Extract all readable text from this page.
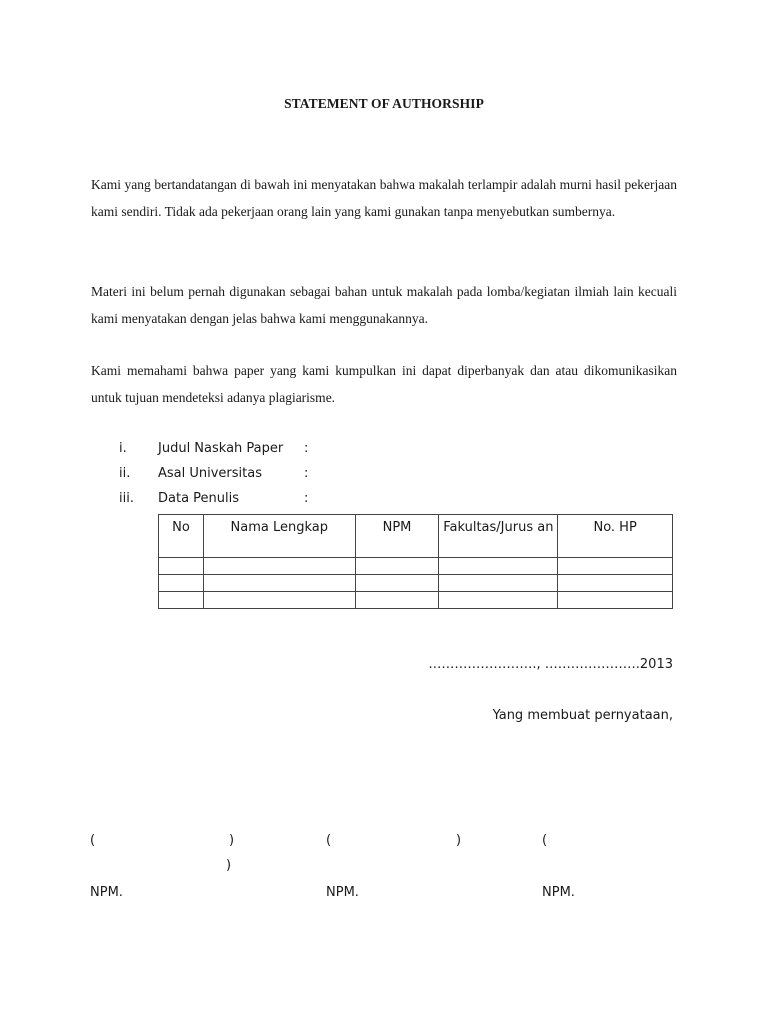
STATEMENT OF AUTHORSHIP
Kami yang bertandatangan di bawah ini menyatakan bahwa makalah terlampir adalah murni hasil pekerjaan kami sendiri. Tidak ada pekerjaan orang lain yang kami gunakan tanpa menyebutkan sumbernya.
Materi ini belum pernah digunakan sebagai bahan untuk makalah pada lomba/kegiatan ilmiah lain kecuali kami menyatakan dengan jelas bahwa kami menggunakannya.
Kami memahami bahwa paper yang kami kumpulkan ini dapat diperbanyak dan atau dikomunikasikan untuk tujuan mendeteksi adanya plagiarisme.
i.	Judul Naskah Paper	:
ii.	Asal Universitas	:
iii.	Data Penulis	:
No	Nama Lengkap	NPM	Fakultas/Jurus an	No. HP

……………………., ………………….2013
Yang membuat pernyataan,
(	)	(	)	(
)
NPM.	NPM.	NPM.
